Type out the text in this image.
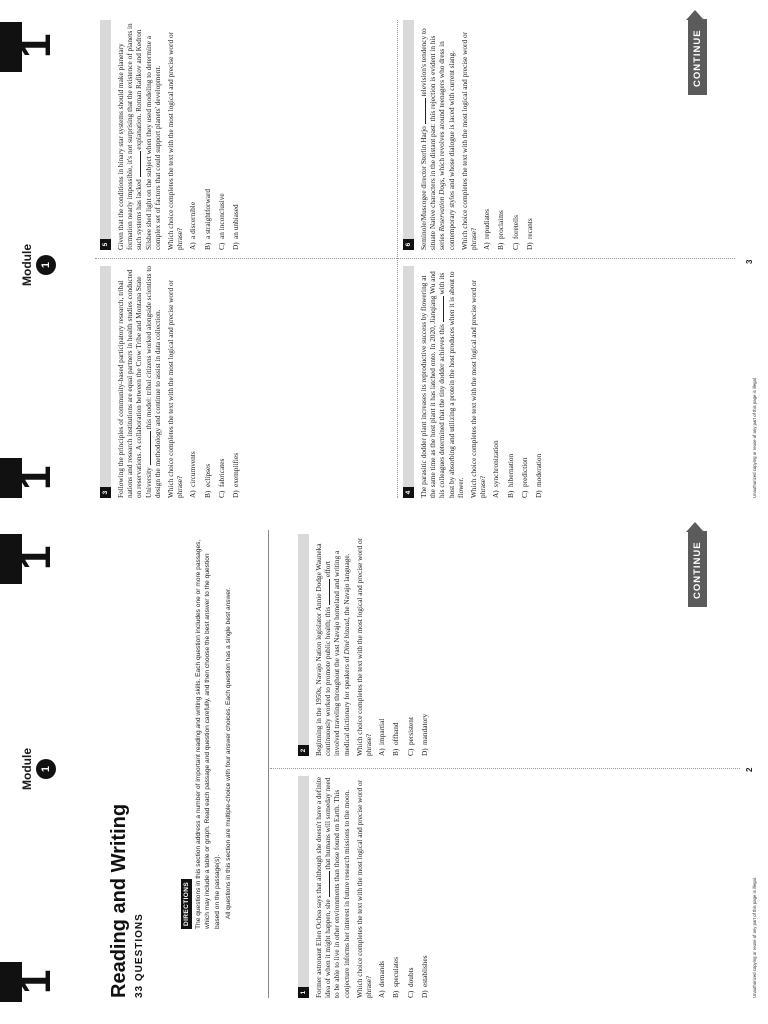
1
Module 1
1
Reading and Writing 33 QUESTIONS
DIRECTIONS The questions in this section address a number of important reading and writing skills. Each question includes one or more passages, which may include a table or graph. Read each passage and question carefully, and then choose the best answer to the question based on the passage(s). All questions in this section are multiple-choice with four answer choices. Each question has a single best answer.

1 Former astronaut Ellen Ochoa says that although she doesn't have a definite idea of when it might happen, she  that humans will someday need to be able to live in other environments than those found on Earth. This conjecture informs her interest in future research missions to the moon. Which choice completes the text with the most logical and precise word or phrase? A)demands
B)speculates
C)doubts
D)establishes
2 Beginning in the 1950s, Navajo Nation legislator Annie Dodge Wauneka continuously worked to promote public health; this  effort involved traveling throughout the vast Navajo homeland and writing a medical dictionary for speakers of Diné bizaad, the Navajo language. Which choice completes the text with the most logical and precise word or phrase? A)impartial
B)offhand
C)persistent
D)mandatory
CONTINUE
Unauthorized copying or reuse of any part of this page is illegal.
2
1
Module 1
1
3 Following the principles of community-based participatory research, tribal nations and research institutions are equal partners in health studies conducted on reservations. A collaboration between the Crow Tribe and Montana State University  this model: tribal citizens worked alongside scientists to design the methodology and continue to assist in data collection. Which choice completes the text with the most logical and precise word or phrase? A)circumvents
B)eclipses
C)fabricates
D)exemplifies
4 The parasitic dodder plant increases its reproductive success by flowering at the same time as the host plant it has latched onto. In 2020, Jianqiang Wu and his colleagues determined that the tiny dodder achieves this  with its host by absorbing and utilizing a protein the host produces when it is about to flower. Which choice completes the text with the most logical and precise word or phrase? A)synchronization
B)hibernation
C)prediction
D)moderation
5 Given that the conditions in binary star systems should make planetary formation nearly impossible, it's not surprising that the existence of planets in such systems has lacked  explanation. Roman Rafikov and Kedron Silsbee shed light on the subject when they used modeling to determine a complex set of factors that could support planets' development. Which choice completes the text with the most logical and precise word or phrase? A)a discernible
B)a straightforward
C)an inconclusive
D)an unbiased
6 Seminole/Muscogee director Sterlin Harjo  television's tendency to situate Native characters in the distant past: this rejection is evident in his series Reservation Dogs, which revolves around teenagers who dress in contemporary styles and whose dialogue is laced with current slang. Which choice completes the text with the most logical and precise word or phrase? A)repudiates
B)proclaims
C)foretells
D)recants
CONTINUE
Unauthorized copying or reuse of any part of this page is illegal.
3
